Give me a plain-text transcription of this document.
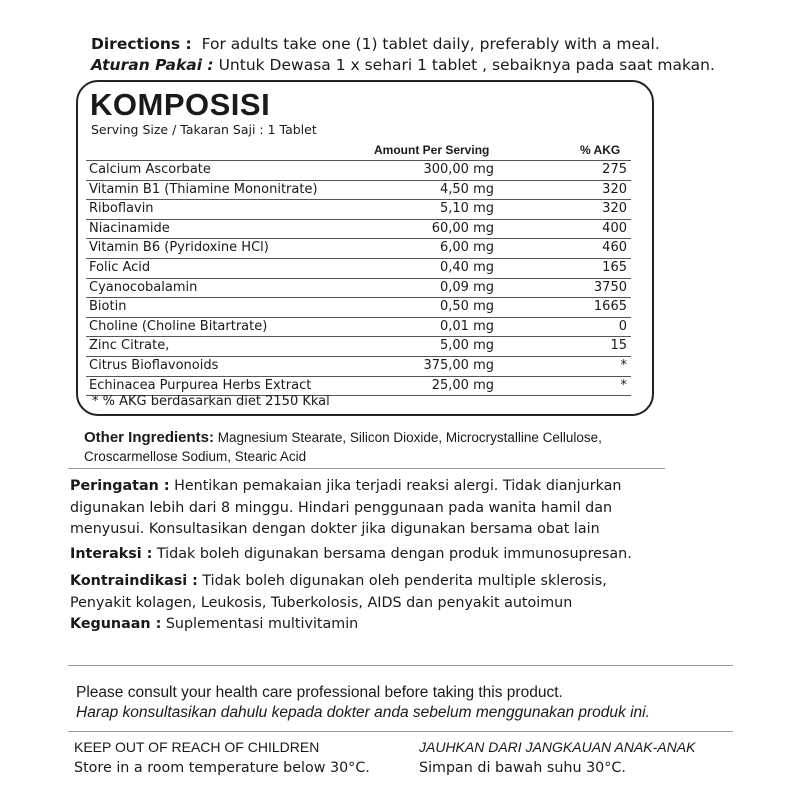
Directions : For adults take one (1) tablet daily, preferably with a meal.
Aturan Pakai : Untuk Dewasa 1 x sehari 1 tablet , sebaiknya pada saat makan.
KOMPOSISI
Serving Size / Takaran Saji : 1 Tablet
Amount Per Serving	% AKG
Calcium Ascorbate	300,00 mg	275
Vitamin B1 (Thiamine Mononitrate)	4,50 mg	320
Riboflavin	5,10 mg	320
Niacinamide	60,00 mg	400
Vitamin B6 (Pyridoxine HCl)	6,00 mg	460
Folic Acid	0,40 mg	165
Cyanocobalamin	0,09 mg	3750
Biotin	0,50 mg	1665
Choline (Choline Bitartrate)	0,01 mg	0
Zinc Citrate,	5,00 mg	15
Citrus Bioflavonoids	375,00 mg	*
Echinacea Purpurea Herbs Extract	25,00 mg	*
* % AKG berdasarkan diet 2150 Kkal
Other Ingredients: Magnesium Stearate, Silicon Dioxide, Microcrystalline Cellulose,
Croscarmellose Sodium, Stearic Acid
Peringatan : Hentikan pemakaian jika terjadi reaksi alergi. Tidak dianjurkan
digunakan lebih dari 8 minggu. Hindari penggunaan pada wanita hamil dan
menyusui. Konsultasikan dengan dokter jika digunakan bersama obat lain
Interaksi : Tidak boleh digunakan bersama dengan produk immunosupresan.
Kontraindikasi : Tidak boleh digunakan oleh penderita multiple sklerosis,
Penyakit kolagen, Leukosis, Tuberkolosis, AIDS dan penyakit autoimun
Kegunaan : Suplementasi multivitamin
Please consult your health care professional before taking this product.
Harap konsultasikan dahulu kepada dokter anda sebelum menggunakan produk ini.
KEEP OUT OF REACH OF CHILDREN	JAUHKAN DARI JANGKAUAN ANAK-ANAK
Store in a room temperature below 30°C.	Simpan di bawah suhu 30°C.
